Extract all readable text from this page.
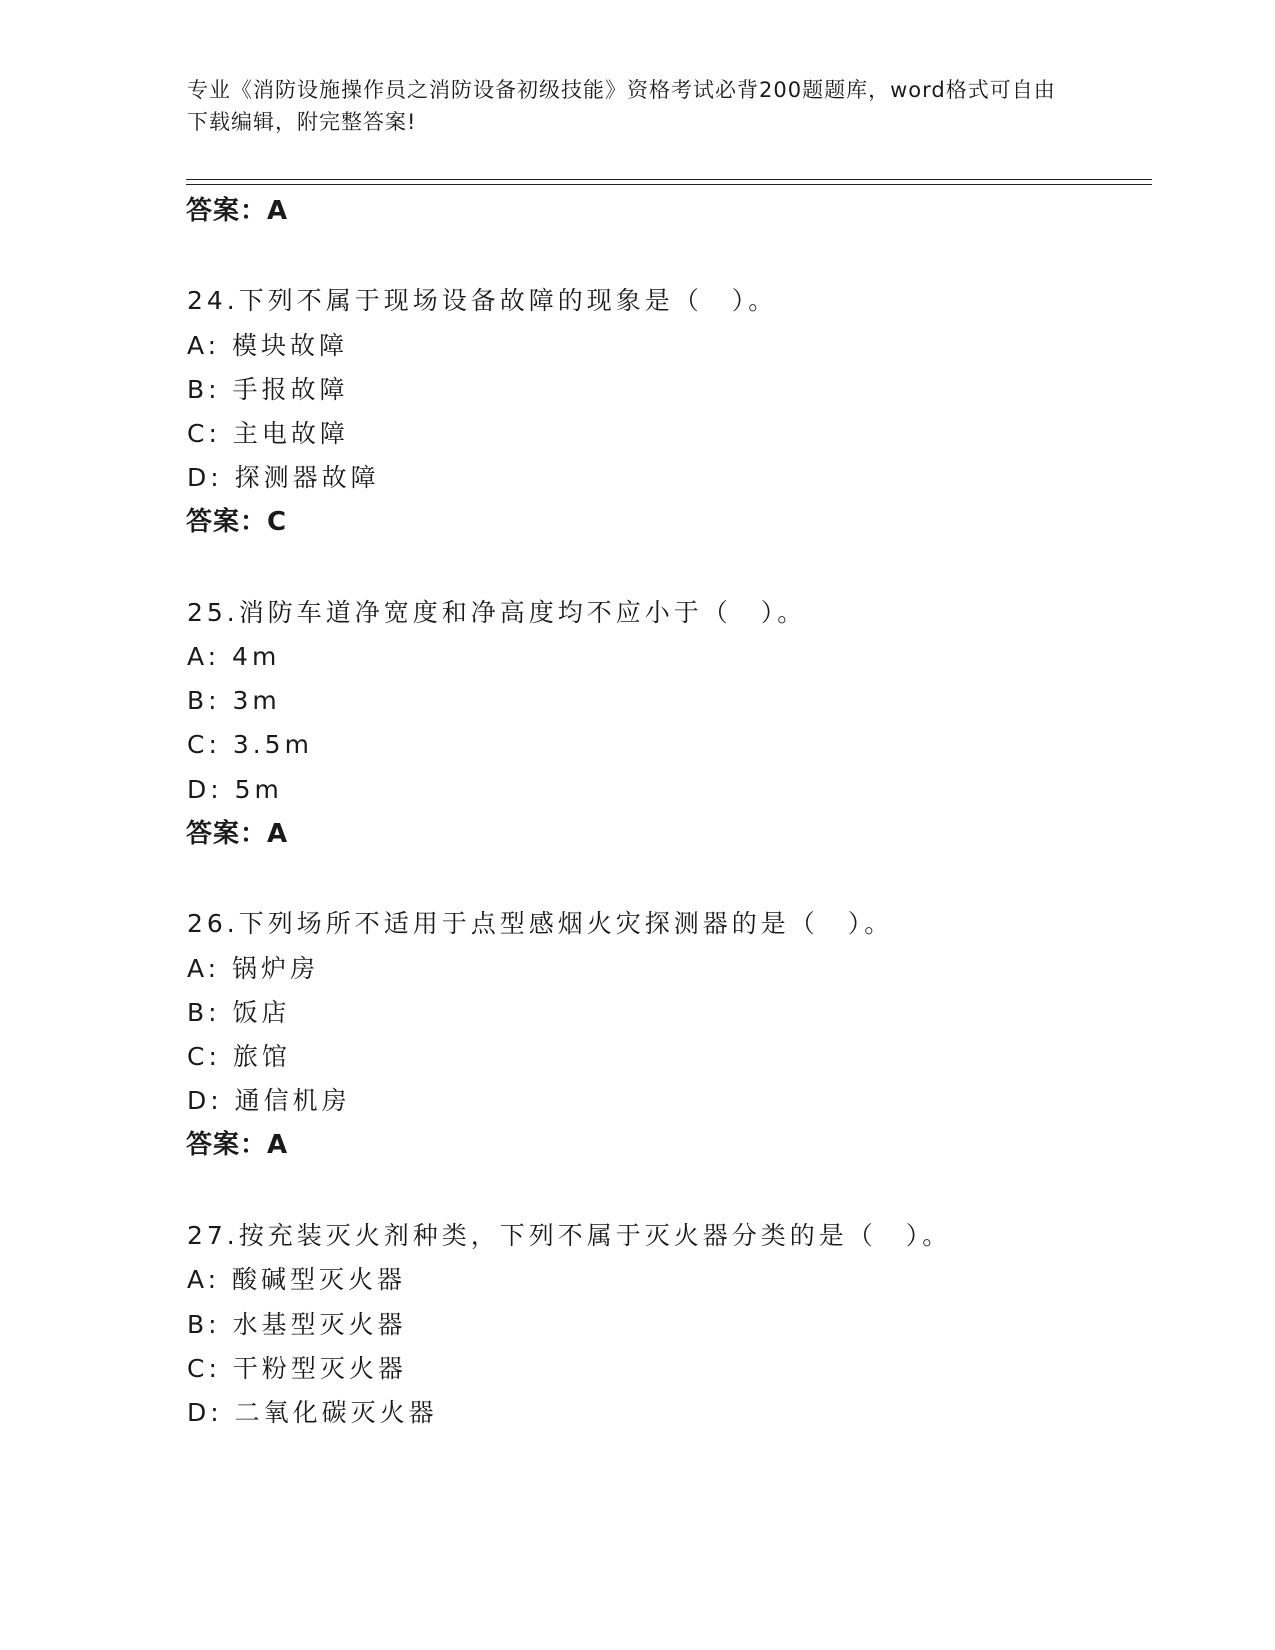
专业《消防设施操作员之消防设备初级技能》资格考试必背200题题库，word格式可自由下载编辑，附完整答案!
答案：A
24.下列不属于现场设备故障的现象是（　）。
A: 模块故障
B: 手报故障
C: 主电故障
D: 探测器故障
答案：C
25.消防车道净宽度和净高度均不应小于（　）。
A: 4m
B: 3m
C: 3.5m
D: 5m
答案：A
26.下列场所不适用于点型感烟火灾探测器的是（　）。
A: 锅炉房
B: 饭店
C: 旅馆
D: 通信机房
答案：A
27.按充装灭火剂种类，下列不属于灭火器分类的是（　）。
A: 酸碱型灭火器
B: 水基型灭火器
C: 干粉型灭火器
D: 二氧化碳灭火器
